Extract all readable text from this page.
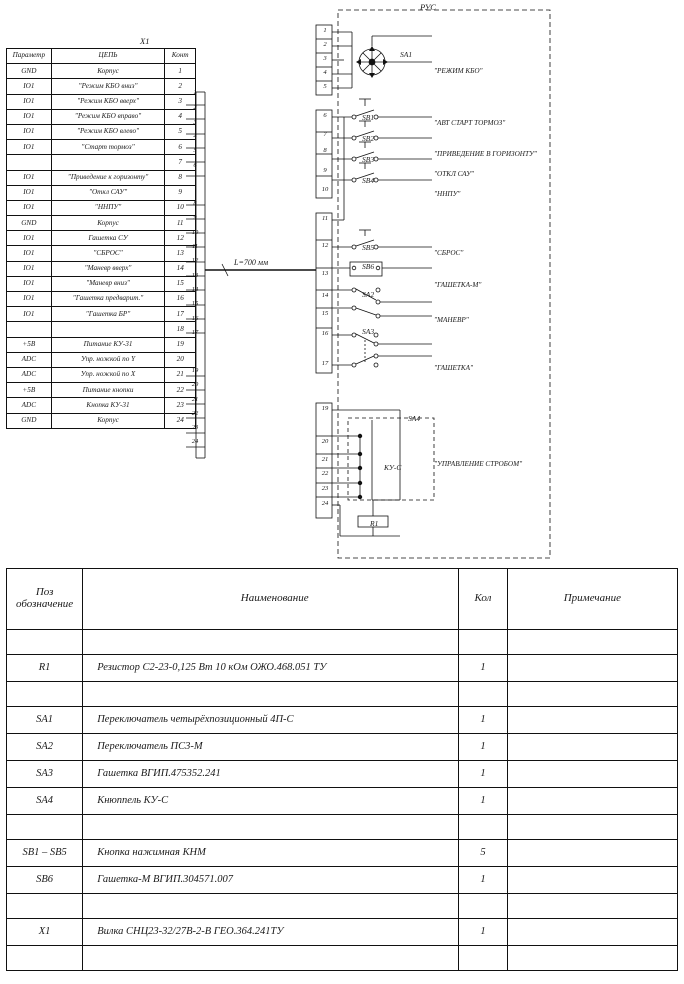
X1
Параметр	ЦЕПЬ	Конт
GND	Корпус	1
IO1	"Режим КБО вниз"	2
IO1	"Режим КБО вверх"	3
IO1	"Режим КБО вправо"	4
IO1	"Режим КБО влево"	5
IO1	"Старт тормоз"	6
		7
IO1	"Приведение к горизонту"	8
IO1	"Откл САУ"	9
IO1	"ННПУ"	10
GND	Корпус	11
IO1	Гашетка СУ	12
IO1	"СБРОС"	13
IO1	"Маневр вверх"	14
IO1	"Маневр вниз"	15
IO1	"Гашетка предварит."	16
IO1	"Гашетка БР"	17
		18
+5B	Питание КУ-31	19
ADC	Упр. ножкой по Y	20
ADC	Упр. ножкой по X	21
+5B	Питание кнопки	22
ADC	Кнопка КУ-31	23
GND	Корпус	24
L=700 мм
РУС
SA1
SB1
SB2
SB3
SB4
SB5
SB6
SA2
SA3
SA4
КУ-С
R1
"РЕЖИМ КБО"
"АВТ СТАРТ ТОРМОЗ"
"ПРИВЕДЕНИЕ В ГОРИЗОНТУ"
"ОТКЛ САУ"
"ННПУ"
"СБРОС"
"ГАШЕТКА-М"
"МАНЕВР"
"ГАШЕТКА"
"УПРАВЛЕНИЕ СТРОБОМ"
1
2
3
4
5
6
7
8
9
10
11
12
13
14
15
16
17
19
20
21
22
23
24
1
2
3
4
5
6
8
9
10
11
12
13
14
15
16
17
19
20
21
22
23
24
Поз
обозначение	Наименование	Кол	Примечание

R1	Резистор С2-23-0,125 Вт 10 кОм ОЖО.468.051 ТУ	1	

SA1	Переключатель четырёхпозиционный 4П-С	1	
SA2	Переключатель ПС3-М	1	
SA3	Гашетка ВГИП.475352.241	1	
SA4	Кнюппель КУ-С	1	

SB1 – SB5	Кнопка нажимная КНМ	5	
SB6	Гашетка-М ВГИП.304571.007	1	

X1	Вилка СНЦ23-32/27В-2-В ГЕО.364.241ТУ	1	
